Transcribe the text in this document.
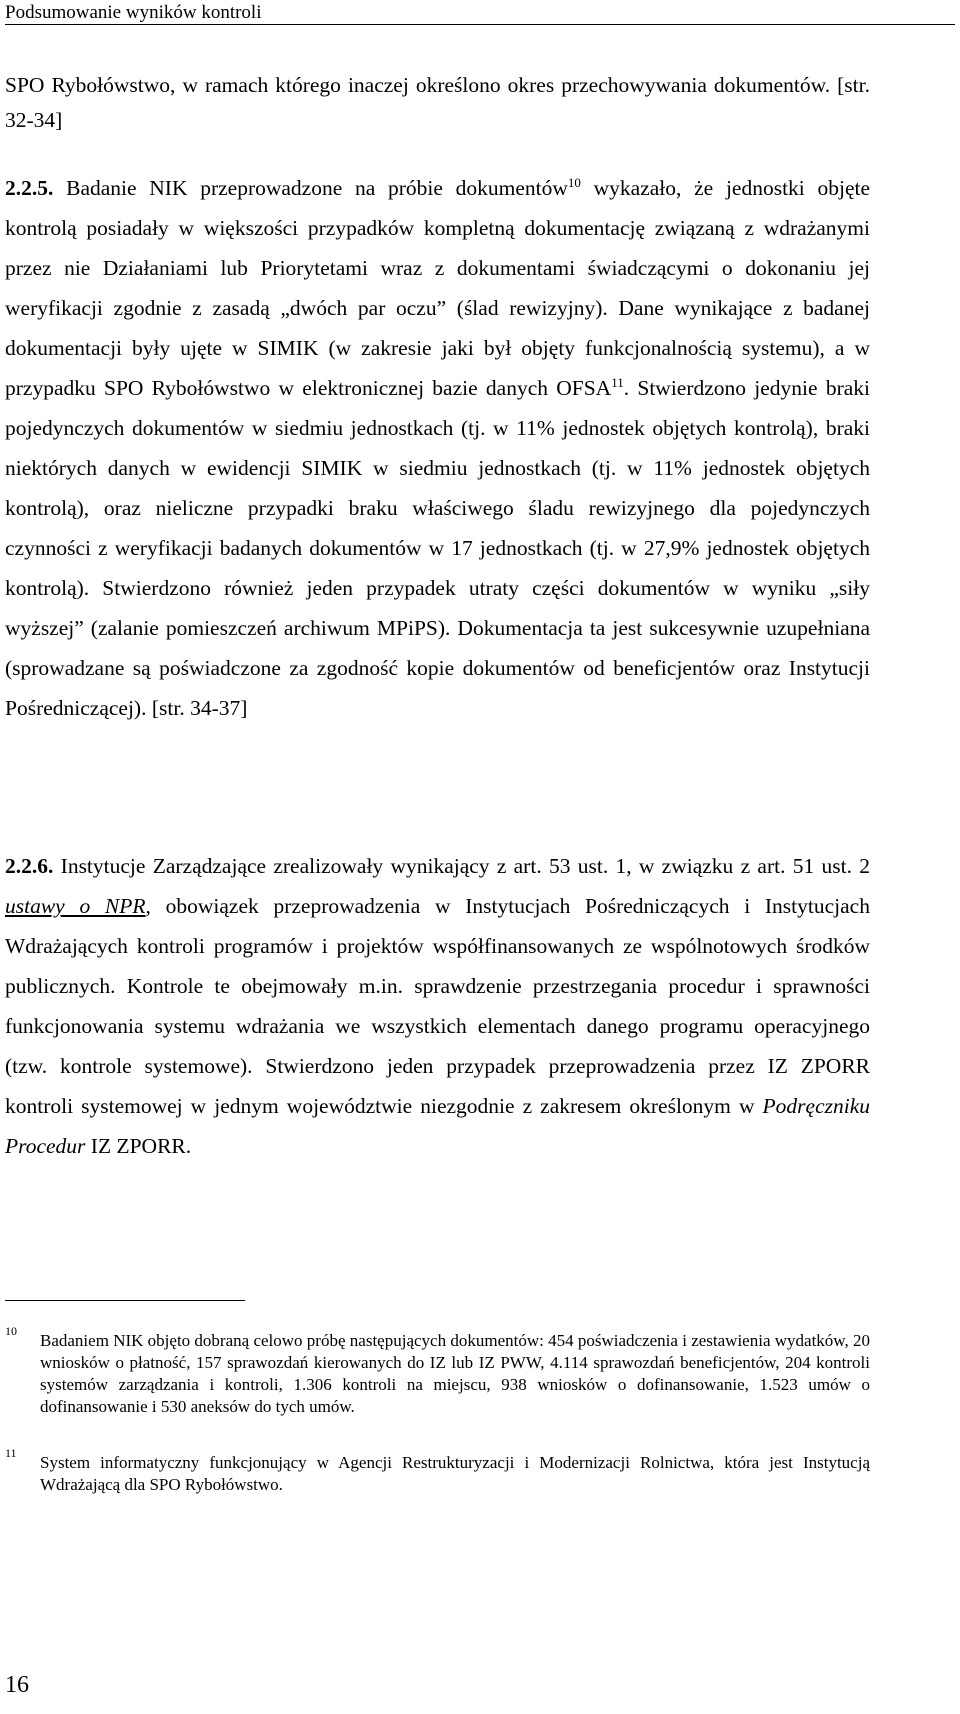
Podsumowanie wyników kontroli
SPO Rybołówstwo, w ramach którego inaczej określono okres przechowywania dokumentów. [str. 32-34]
2.2.5. Badanie NIK przeprowadzone na próbie dokumentów$^{10}$ wykazało, że jednostki objęte kontrolą posiadały w większości przypadków kompletną dokumentację związaną z wdrażanymi przez nie Działaniami lub Priorytetami wraz z dokumentami świadczącymi o dokonaniu jej weryfikacji zgodnie z zasadą „dwóch par oczu” (ślad rewizyjny). Dane wynikające z badanej dokumentacji były ujęte w SIMIK (w zakresie jaki był objęty funkcjonalnością systemu), a w przypadku SPO Rybołówstwo w elektronicznej bazie danych OFSA$^{11}$. Stwierdzono jedynie braki pojedynczych dokumentów w siedmiu jednostkach (tj. w 11% jednostek objętych kontrolą), braki niektórych danych w ewidencji SIMIK w siedmiu jednostkach (tj. w 11% jednostek objętych kontrolą), oraz nieliczne przypadki braku właściwego śladu rewizyjnego dla pojedynczych czynności z weryfikacji badanych dokumentów w 17 jednostkach (tj. w 27,9% jednostek objętych kontrolą). Stwierdzono również jeden przypadek utraty części dokumentów w wyniku „siły wyższej” (zalanie pomieszczeń archiwum MPiPS). Dokumentacja ta jest sukcesywnie uzupełniana (sprowadzane są poświadczone za zgodność kopie dokumentów od beneficjentów oraz Instytucji Pośredniczącej). [str. 34-37]
2.2.6. Instytucje Zarządzające zrealizowały wynikający z art. 53 ust. 1, w związku z art. 51 ust. 2 ustawy o NPR, obowiązek przeprowadzenia w Instytucjach Pośredniczących i Instytucjach Wdrażających kontroli programów i projektów współfinansowanych ze wspólnotowych środków publicznych. Kontrole te obejmowały m.in. sprawdzenie przestrzegania procedur i sprawności funkcjonowania systemu wdrażania we wszystkich elementach danego programu operacyjnego (tzw. kontrole systemowe). Stwierdzono jeden przypadek przeprowadzenia przez IZ ZPORR kontroli systemowej w jednym województwie niezgodnie z zakresem określonym w Podręczniku Procedur IZ ZPORR.
10 Badaniem NIK objęto dobraną celowo próbę następujących dokumentów: 454 poświadczenia i zestawienia wydatków, 20 wniosków o płatność, 157 sprawozdań kierowanych do IZ lub IZ PWW, 4.114 sprawozdań beneficjentów, 204 kontroli systemów zarządzania i kontroli, 1.306 kontroli na miejscu, 938 wniosków o dofinansowanie, 1.523 umów o dofinansowanie i 530 aneksów do tych umów.
11 System informatyczny funkcjonujący w Agencji Restrukturyzacji i Modernizacji Rolnictwa, która jest Instytucją Wdrażającą dla SPO Rybołówstwo.
16
